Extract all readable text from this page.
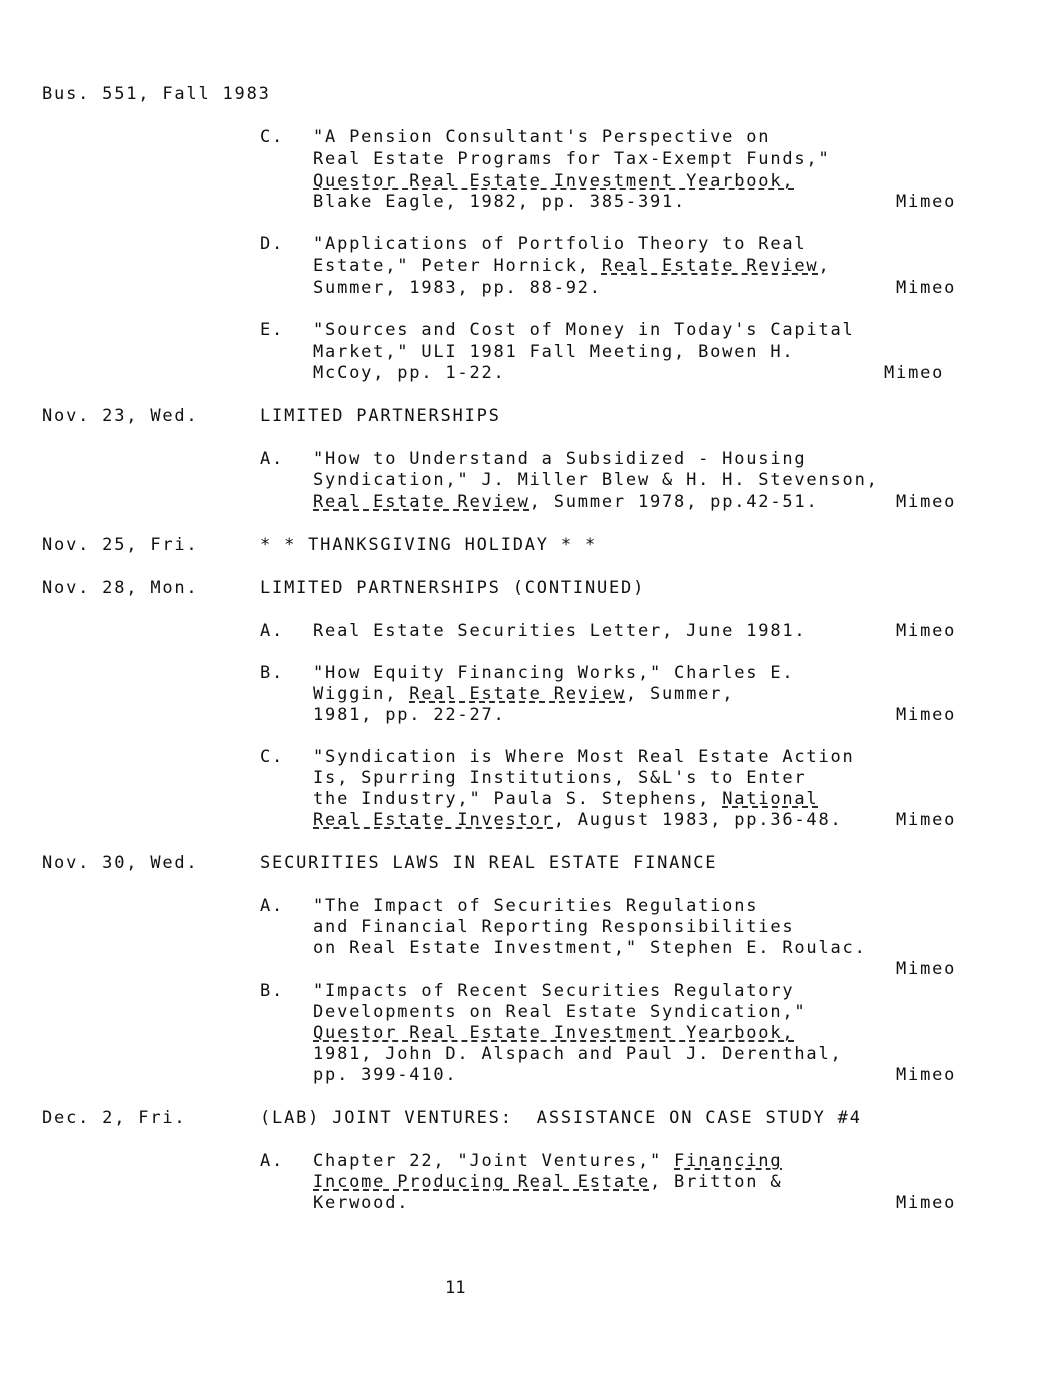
Bus. 551, Fall 1983
C. "A Pension Consultant's Perspective on
Real Estate Programs for Tax-Exempt Funds,"
Questor Real Estate Investment Yearbook,
Blake Eagle, 1982, pp. 385-391.	Mimeo
D. "Applications of Portfolio Theory to Real
Estate," Peter Hornick, Real Estate Review,
Summer, 1983, pp. 88-92.	Mimeo
E. "Sources and Cost of Money in Today's Capital
Market," ULI 1981 Fall Meeting, Bowen H.
McCoy, pp. 1-22.	Mimeo
Nov. 23, Wed.	LIMITED PARTNERSHIPS
A. "How to Understand a Subsidized - Housing
Syndication," J. Miller Blew & H. H. Stevenson,
Real Estate Review, Summer 1978, pp.42-51.	Mimeo
Nov. 25, Fri.	* * THANKSGIVING HOLIDAY * *
Nov. 28, Mon.	LIMITED PARTNERSHIPS (CONTINUED)
A. Real Estate Securities Letter, June 1981.	Mimeo
B. "How Equity Financing Works," Charles E.
Wiggin, Real Estate Review, Summer,
1981, pp. 22-27.	Mimeo
C. "Syndication is Where Most Real Estate Action
Is, Spurring Institutions, S&L's to Enter
the Industry," Paula S. Stephens, National
Real Estate Investor, August 1983, pp.36-48.	Mimeo
Nov. 30, Wed.	SECURITIES LAWS IN REAL ESTATE FINANCE
A. "The Impact of Securities Regulations
and Financial Reporting Responsibilities
on Real Estate Investment," Stephen E. Roulac.
Mimeo
B. "Impacts of Recent Securities Regulatory
Developments on Real Estate Syndication,"
Questor Real Estate Investment Yearbook,
1981, John D. Alspach and Paul J. Derenthal,
pp. 399-410.	Mimeo
Dec. 2, Fri.	(LAB) JOINT VENTURES:  ASSISTANCE ON CASE STUDY #4
A. Chapter 22, "Joint Ventures," Financing
Income Producing Real Estate, Britton &
Kerwood.	Mimeo
11
